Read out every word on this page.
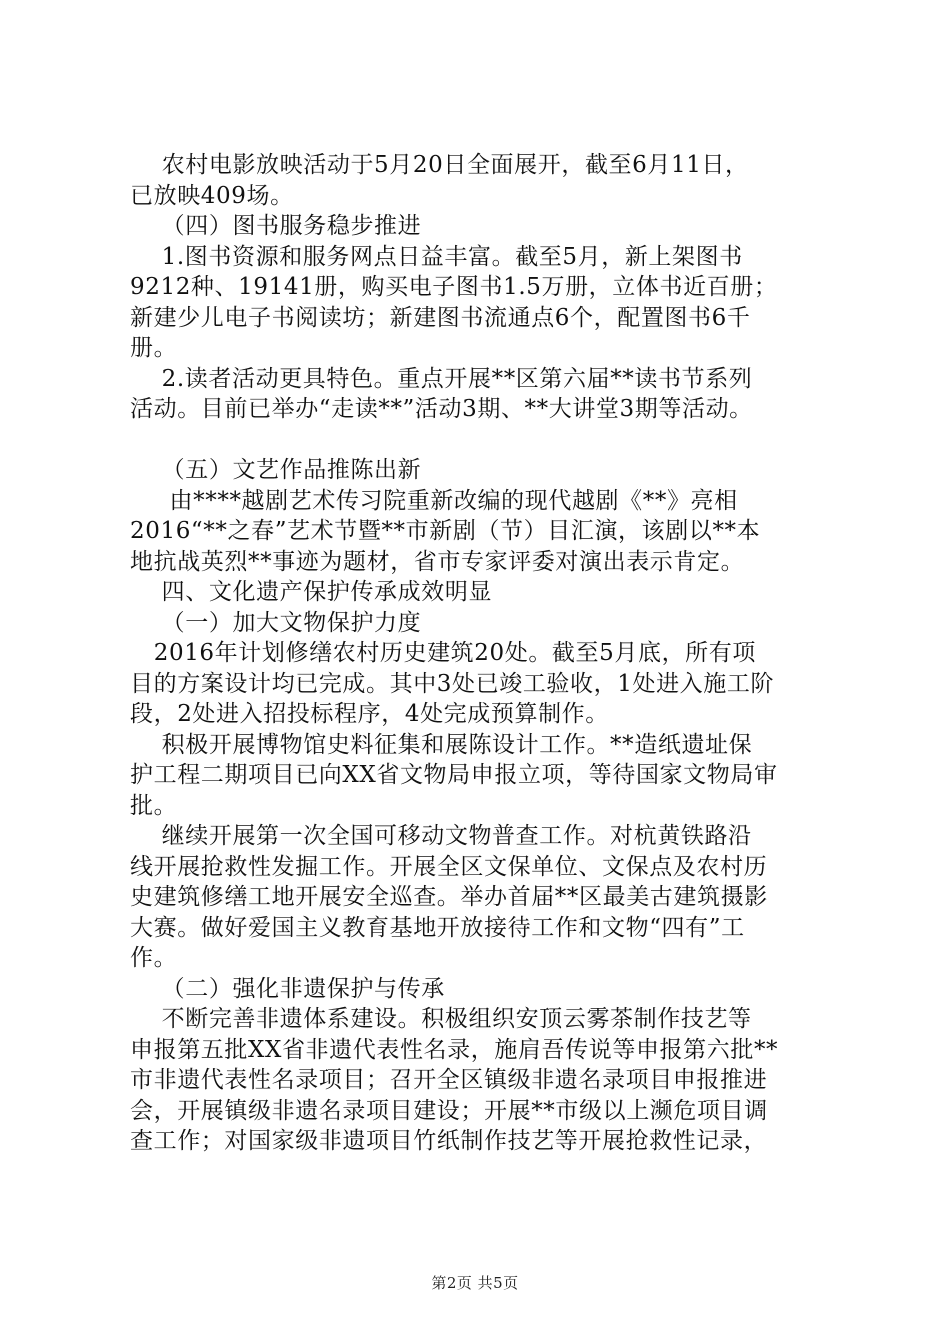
农村电影放映活动于5月20日全面展开，截至6月11日，
已放映409场。
（四）图书服务稳步推进
1.图书资源和服务网点日益丰富。截至5月，新上架图书
9212种、19141册，购买电子图书1.5万册，立体书近百册；
新建少儿电子书阅读坊；新建图书流通点6个，配置图书6千
册。
2.读者活动更具特色。重点开展**区第六届**读书节系列
活动。目前已举办“走读**”活动3期、**大讲堂3期等活动。
（五）文艺作品推陈出新
由****越剧艺术传习院重新改编的现代越剧《**》亮相
2016“**之春”艺术节暨**市新剧（节）目汇演，该剧以**本
地抗战英烈**事迹为题材，省市专家评委对演出表示肯定。
四、文化遗产保护传承成效明显
（一）加大文物保护力度
2016年计划修缮农村历史建筑20处。截至5月底，所有项
目的方案设计均已完成。其中3处已竣工验收，1处进入施工阶
段，2处进入招投标程序，4处完成预算制作。
积极开展博物馆史料征集和展陈设计工作。**造纸遗址保
护工程二期项目已向XX省文物局申报立项，等待国家文物局审
批。
继续开展第一次全国可移动文物普查工作。对杭黄铁路沿
线开展抢救性发掘工作。开展全区文保单位、文保点及农村历
史建筑修缮工地开展安全巡查。举办首届**区最美古建筑摄影
大赛。做好爱国主义教育基地开放接待工作和文物“四有”工
作。
（二）强化非遗保护与传承
不断完善非遗体系建设。积极组织安顶云雾茶制作技艺等
申报第五批XX省非遗代表性名录，施肩吾传说等申报第六批**
市非遗代表性名录项目；召开全区镇级非遗名录项目申报推进
会，开展镇级非遗名录项目建设；开展**市级以上濒危项目调
查工作；对国家级非遗项目竹纸制作技艺等开展抢救性记录，
第2页 共5页
